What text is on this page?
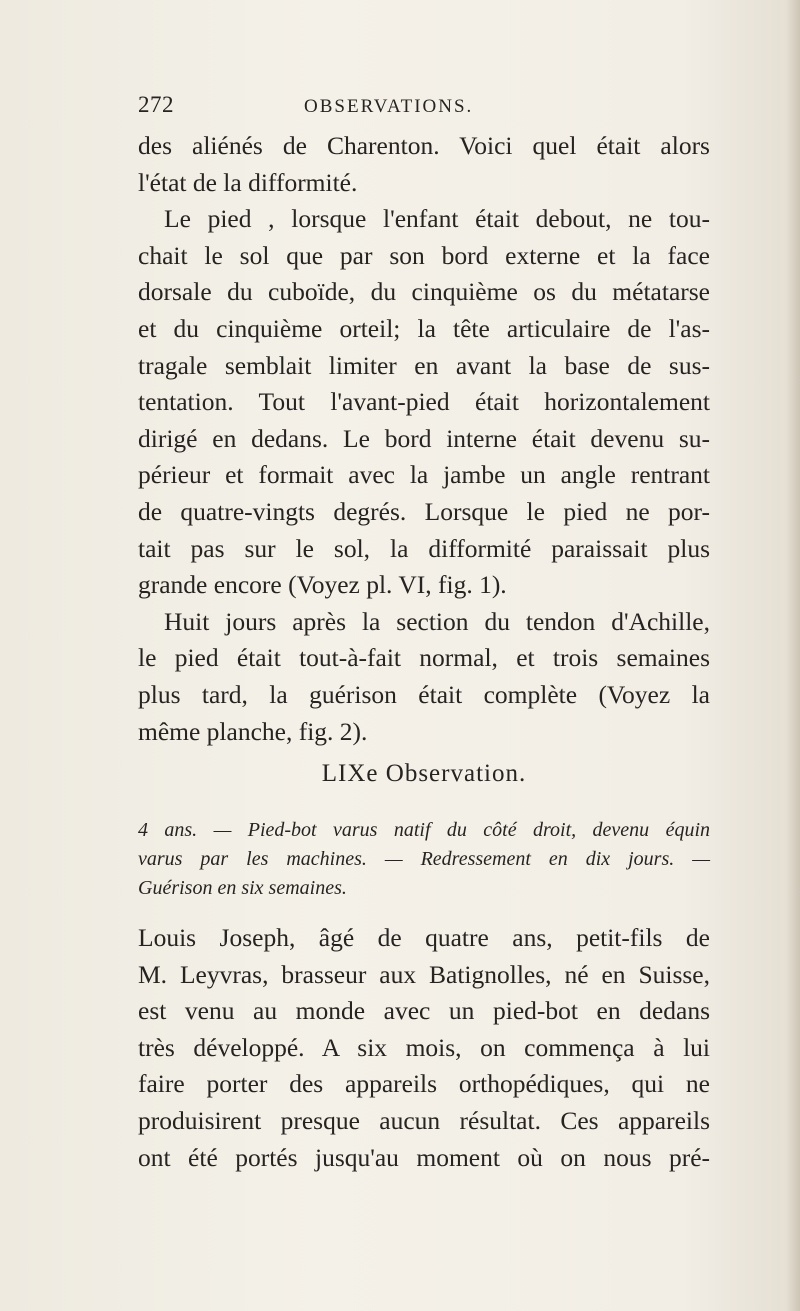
272	OBSERVATIONS.
des aliénés de Charenton. Voici quel était alors
l'état de la difformité.
Le pied , lorsque l'enfant était debout, ne tou-
chait le sol que par son bord externe et la face
dorsale du cuboïde, du cinquième os du métatarse
et du cinquième orteil; la tête articulaire de l'as-
tragale semblait limiter en avant la base de sus-
tentation. Tout l'avant-pied était horizontalement
dirigé en dedans. Le bord interne était devenu su-
périeur et formait avec la jambe un angle rentrant
de quatre-vingts degrés. Lorsque le pied ne por-
tait pas sur le sol, la difformité paraissait plus
grande encore (Voyez pl. VI, fig. 1).
Huit jours après la section du tendon d'Achille,
le pied était tout-à-fait normal, et trois semaines
plus tard, la guérison était complète (Voyez la
même planche, fig. 2).
LIXe Observation.
4 ans. — Pied-bot varus natif du côté droit, devenu équin
varus par les machines. — Redressement en dix jours. —
Guérison en six semaines.
Louis Joseph, âgé de quatre ans, petit-fils de
M. Leyvras, brasseur aux Batignolles, né en Suisse,
est venu au monde avec un pied-bot en dedans
très développé. A six mois, on commença à lui
faire porter des appareils orthopédiques, qui ne
produisirent presque aucun résultat. Ces appareils
ont été portés jusqu'au moment où on nous pré-
